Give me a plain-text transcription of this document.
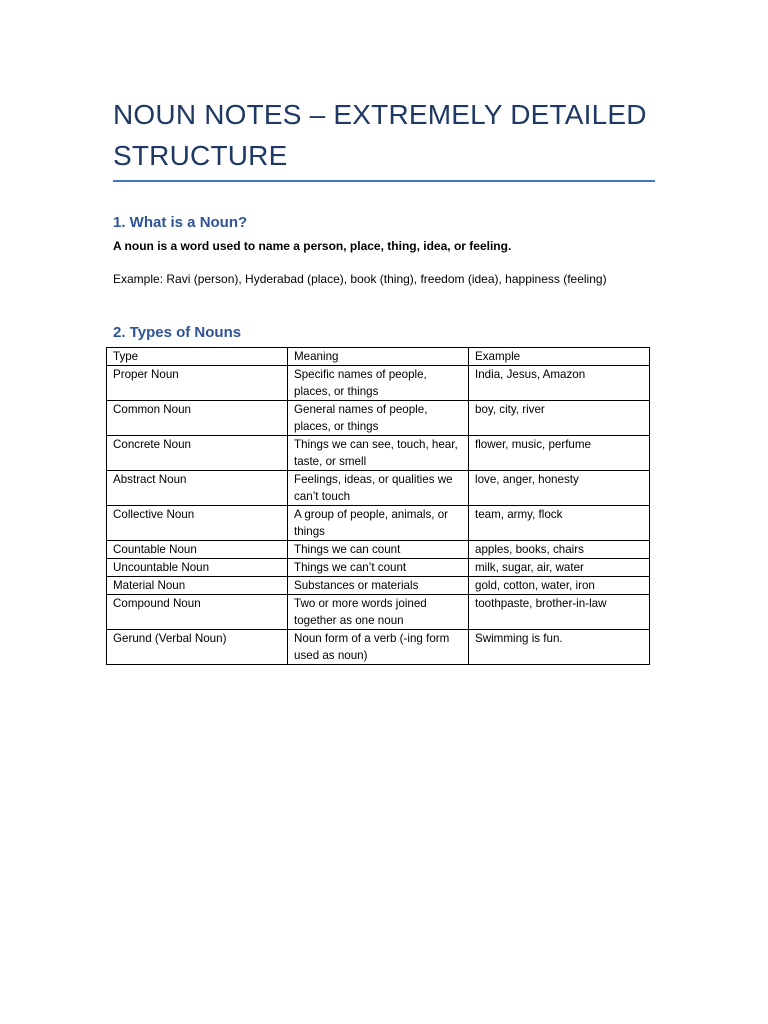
NOUN NOTES – EXTREMELY DETAILED STRUCTURE
1. What is a Noun?

A noun is a word used to name a person, place, thing, idea, or feeling.

Example: Ravi (person), Hyderabad (place), book (thing), freedom (idea), happiness (feeling)

2. Types of Nouns
Type	Meaning	Example
Proper Noun	Specific names of people, places, or things	India, Jesus, Amazon
Common Noun	General names of people, places, or things	boy, city, river
Concrete Noun	Things we can see, touch, hear, taste, or smell	flower, music, perfume
Abstract Noun	Feelings, ideas, or qualities we can’t touch	love, anger, honesty
Collective Noun	A group of people, animals, or things	team, army, flock
Countable Noun	Things we can count	apples, books, chairs
Uncountable Noun	Things we can’t count	milk, sugar, air, water
Material Noun	Substances or materials	gold, cotton, water, iron
Compound Noun	Two or more words joined together as one noun	toothpaste, brother-in-law
Gerund (Verbal Noun)	Noun form of a verb (-ing form used as noun)	Swimming is fun.
